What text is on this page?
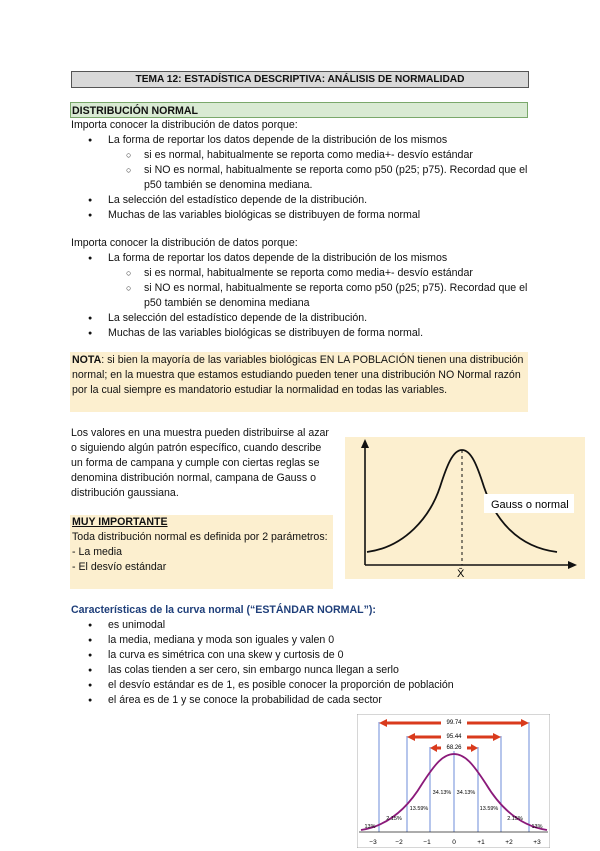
TEMA 12: ESTADÍSTICA DESCRIPTIVA: ANÁLISIS DE NORMALIDAD
DISTRIBUCIÓN NORMAL
Importa conocer la distribución de datos porque:
● La forma de reportar los datos depende de la distribución de los mismos
○ si es normal, habitualmente se reporta como media+- desvío estándar
○ si NO es normal, habitualmente se reporta como p50 (p25; p75). Recordad que el p50 también se denomina mediana.
● La selección del estadístico depende de la distribución.
● Muchas de las variables biológicas se distribuyen de forma normal
Importa conocer la distribución de datos porque:
● La forma de reportar los datos depende de la distribución de los mismos
○ si es normal, habitualmente se reporta como media+- desvío estándar
○ si NO es normal, habitualmente se reporta como p50 (p25; p75). Recordad que el p50 también se denomina mediana
● La selección del estadístico depende de la distribución.
● Muchas de las variables biológicas se distribuyen de forma normal.
NOTA: si bien la mayoría de las variables biológicas EN LA POBLACIÓN tienen una distribución normal; en la muestra que estamos estudiando pueden tener una distribución NO Normal razón por la cual siempre es mandatorio estudiar la normalidad en todas las variables.
Los valores en una muestra pueden distribuirse al azar o siguiendo algún patrón específico, cuando describe un forma de campana y cumple con ciertas reglas se denomina distribución normal, campana de Gauss o distribución gaussiana.
Gauss o normal
X̄
MUY IMPORTANTE
Toda distribución normal es definida por 2 parámetros:
- La media
- El desvío estándar
Características de la curva normal (“ESTÁNDAR NORMAL”):
● es unimodal
● la media, mediana y moda son iguales y valen 0
● la curva es simétrica con una skew y curtosis de 0
● las colas tienden a ser cero, sin embargo nunca llegan a serlo
● el desvío estándar es de 1, es posible conocer la proporción de población
● el área es de 1 y se conoce la probabilidad de cada sector
99.74
95.44
68.26
34.13% 34.13%
13.59%	13.59%
2.15%	2.15%
13%	13%
−3	−2	−1	0	+1	+2	+3
